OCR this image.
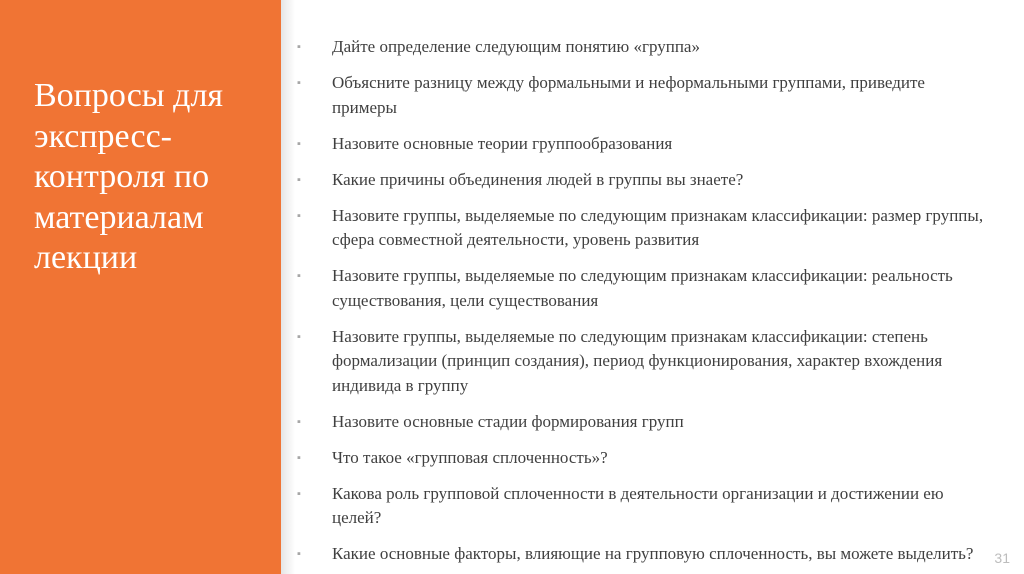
Вопросы для
экспресс-
контроля по
материалам
лекции
▪ Дайте определение следующим понятию «группа»
▪ Объясните разницу между формальными и неформальными группами, приведите примеры
▪ Назовите основные теории группообразования
▪ Какие причины объединения людей в группы вы знаете?
▪ Назовите группы, выделяемые по следующим признакам классификации: размер группы, сфера совместной деятельности, уровень развития
▪ Назовите группы, выделяемые по следующим признакам классификации: реальность существования, цели существования
▪ Назовите группы, выделяемые по следующим признакам классификации: степень формализации (принцип создания), период функционирования, характер вхождения индивида в группу
▪ Назовите основные стадии формирования групп
▪ Что такое «групповая сплоченность»?
▪ Какова роль групповой сплоченности в деятельности организации и достижении ею целей?
▪ Какие основные факторы, влияющие на групповую сплоченность, вы можете выделить?	31
